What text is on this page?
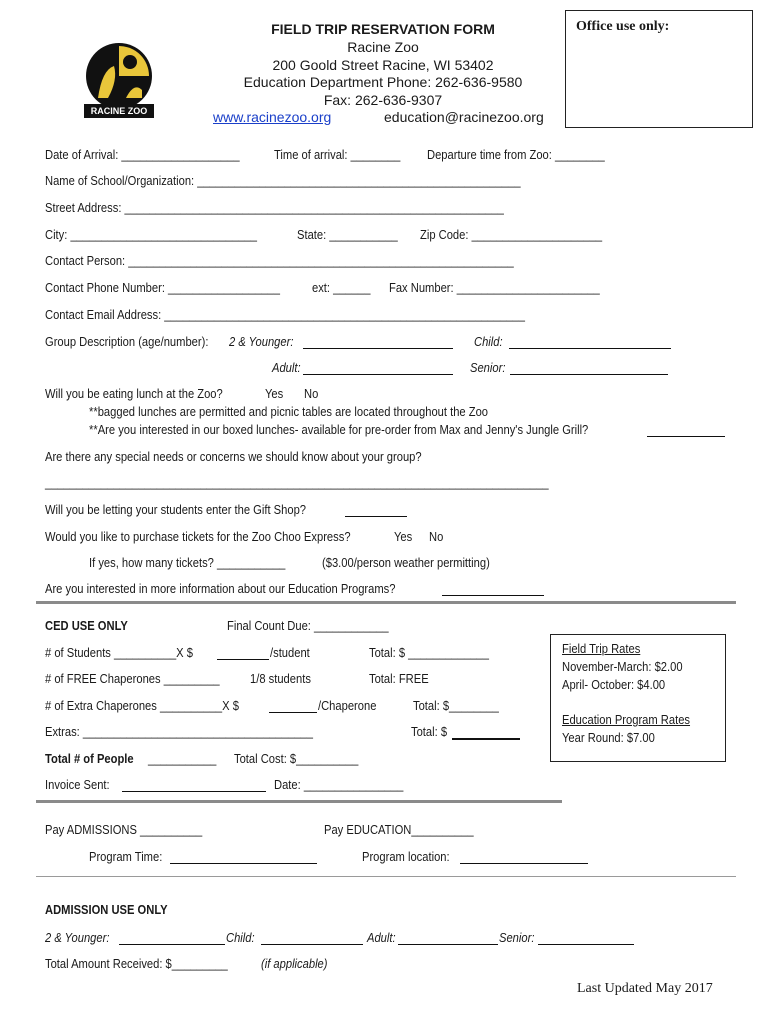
RACINE ZOO
FIELD TRIP RESERVATION FORM
Racine Zoo
200 Goold Street Racine, WI 53402
Education Department Phone: 262-636-9580
Fax: 262-636-9307
www.racinezoo.org	education@racinezoo.org
Office use only:
Date of Arrival: ___________________	Time of arrival: ________ Departure time from Zoo: ________
Name of School/Organization: ____________________________________________________
Street Address: _____________________________________________________________
City: ______________________________	State: ___________ Zip Code: _____________________
Contact Person: ______________________________________________________________
Contact Phone Number: __________________ ext: ______ Fax Number: _______________________
Contact Email Address: __________________________________________________________
Group Description (age/number): 2 & Younger:	Child:
Adult:	Senior:
Will you be eating lunch at the Zoo?	Yes No
**bagged lunches are permitted and picnic tables are located throughout the Zoo
**Are you interested in our boxed lunches- available for pre-order from Max and Jenny's Jungle Grill?
Are there any special needs or concerns we should know about your group?
_________________________________________________________________________________
Will you be letting your students enter the Gift Shop?
Would you like to purchase tickets for the Zoo Choo Express?	Yes No
If yes, how many tickets? ___________	($3.00/person weather permitting)
Are you interested in more information about our Education Programs?
CED USE ONLY	Final Count Due: ____________
# of Students __________X $	/student	Total: $ _____________
# of FREE Chaperones _________ 1/8 students	Total: FREE
# of Extra Chaperones __________X $	/Chaperone	Total: $________
Extras: _____________________________________	Total: $
Total # of People ___________ Total Cost: $__________
Invoice Sent:	Date: ________________
Field Trip Rates
November-March: $2.00
April- October: $4.00
Education Program Rates
Year Round: $7.00
Pay ADMISSIONS __________	Pay EDUCATION__________
Program Time:	Program location:
ADMISSION USE ONLY
2 & Younger:	Child:	Adult:	Senior:
Total Amount Received: $_________	(if applicable)
Last Updated May 2017
